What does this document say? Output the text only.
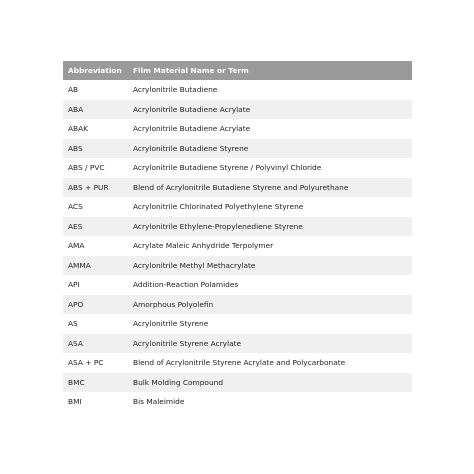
Abbreviation	Film Material Name or Term
AB	Acrylonitrile Butadiene
ABA	Acrylonitrile Butadiene Acrylate
ABAK	Acrylonitrile Butadiene Acrylate
ABS	Acrylonitrile Butadiene Styrene
ABS / PVC	Acrylonitrile Butadiene Styrene / Polyvinyl Chloride
ABS + PUR	Blend of Acrylonitrile Butadiene Styrene and Polyurethane
ACS	Acrylonitrile Chlorinated Polyethylene Styrene
AES	Acrylonitrile Ethylene-Propylenediene Styrene
AMA	Acrylate Maleic Anhydride Terpolymer
AMMA	Acrylonitrile Methyl Methacrylate
API	Addition-Reaction Polamides
APO	Amorphous Polyolefin
AS	Acrylonitrile Styrene
ASA	Acrylonitrile Styrene Acrylate
ASA + PC	Blend of Acrylonitrile Styrene Acrylate and Polycarbonate
BMC	Bulk Molding Compound
BMI	Bis Maleimide
